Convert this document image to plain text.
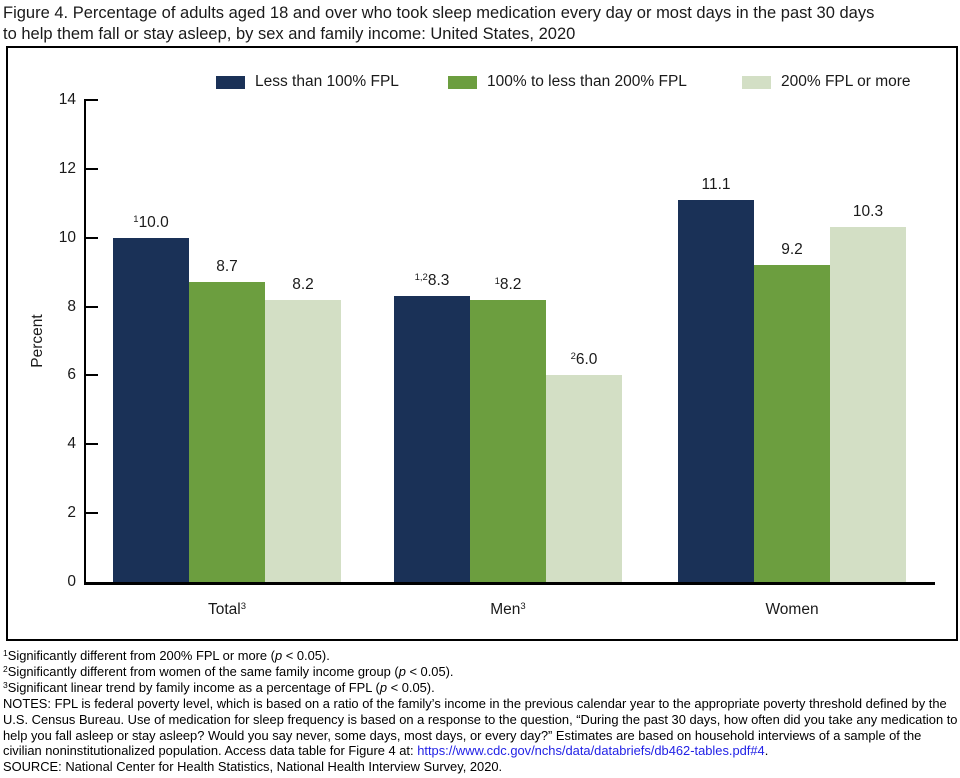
Figure 4. Percentage of adults aged 18 and over who took sleep medication every day or most days in the past 30 days
to help them fall or stay asleep, by sex and family income: United States, 2020
0
2
4
6
8
10
12
14
Percent
$^1$10.0
8.7
8.2
Total$^3$
$^{1,2}$8.3	$^1$8.2
$^2$6.0
Men$^3$
11.1
9.2
10.3
Women
Less than 100% FPL	100% to less than 200% FPL	200% FPL or more
$^1$Significantly different from 200% FPL or more (p < 0.05).
$^2$Significantly different from women of the same family income group (p < 0.05).
$^3$Significant linear trend by family income as a percentage of FPL (p < 0.05).
NOTES: FPL is federal poverty level, which is based on a ratio of the family’s income in the previous calendar year to the appropriate poverty threshold defined by the U.S. Census Bureau. Use of medication for sleep frequency is based on a response to the question, “During the past 30 days, how often did you take any medication to help you fall asleep or stay asleep? Would you say never, some days, most days, or every day?” Estimates are based on household interviews of a sample of the civilian noninstitutionalized population. Access data table for Figure 4 at: https://www.cdc.gov/nchs/data/databriefs/db462-tables.pdf#4.
SOURCE: National Center for Health Statistics, National Health Interview Survey, 2020.
